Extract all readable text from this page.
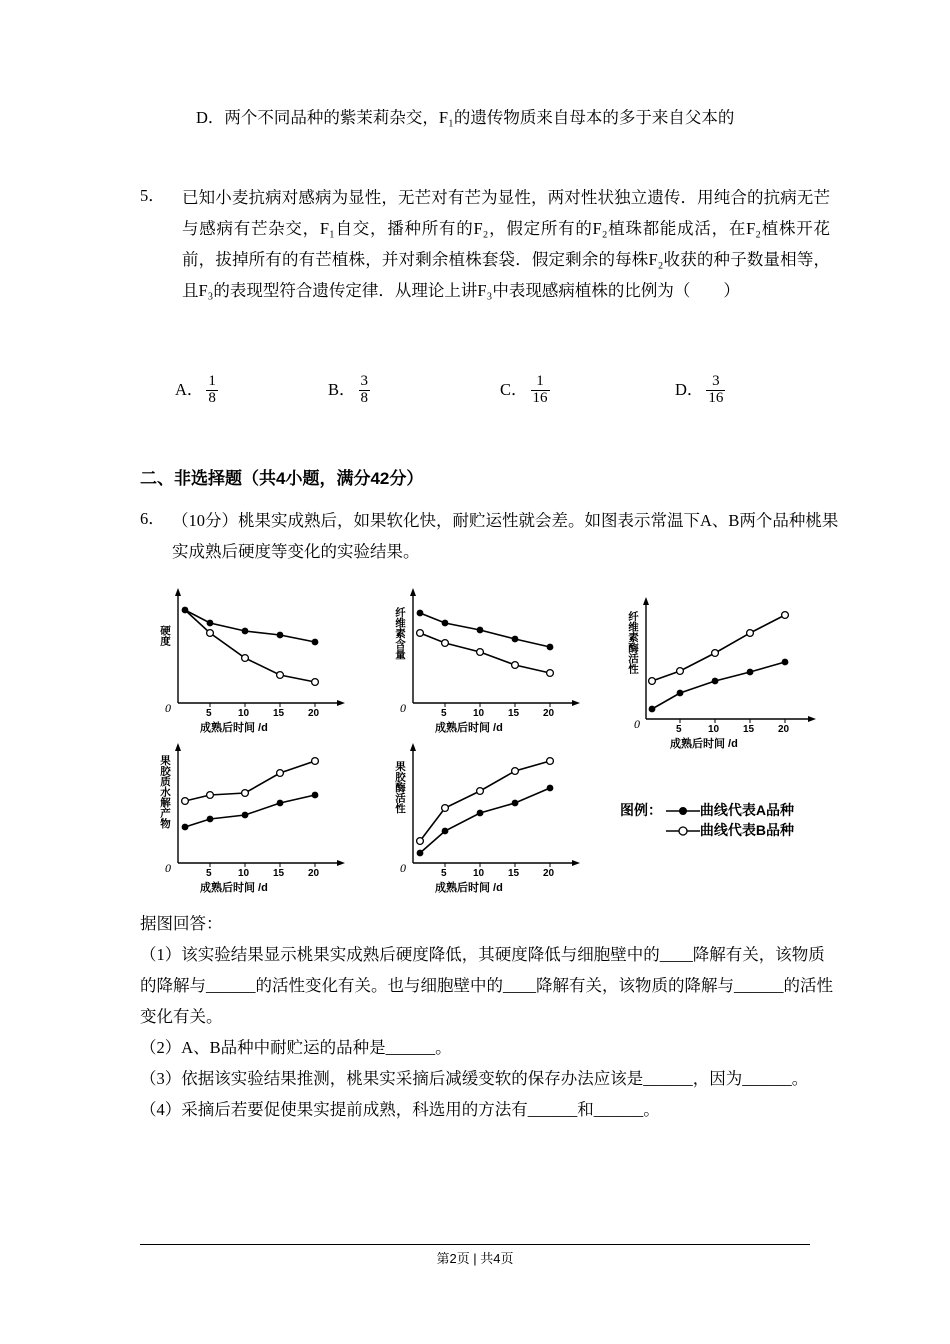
D．两个不同品种的紫茉莉杂交，F₁的遗传物质来自母本的多于来自父本的
5． 已知小麦抗病对感病为显性，无芒对有芒为显性，两对性状独立遗传．用纯合的抗病无芒与感病有芒杂交，F₁自交，播种所有的F₂，假定所有的F₂植珠都能成活，在F₂植株开花前，拔掉所有的有芒植株，并对剩余植株套袋．假定剩余的每株F₂收获的种子数量相等，且F₃的表现型符合遗传定律．从理论上讲F₃中表现感病植株的比例为（　　）
A． $\frac{1}{8}$	B． $\frac{3}{8}$	C． $\frac{1}{16}$	D． $\frac{3}{16}$
二、非选择题（共4小题，满分42分）
6． （10分）桃果实成熟后，如果软化快，耐贮运性就会差。如图表示常温下A、B两个品种桃果实成熟后硬度等变化的实验结果。
硬度
0	5	10 15 20
成熟后时间 /d
纤维素含量
0	5	10 15 20
成熟后时间 /d
纤维素酶活性
0	5	10 15 20
成熟后时间 /d
果胶质水解产物
0	5	10 15 20
成熟后时间 /d
果胶酶活性
0	5	10 15 20
成熟后时间 /d
图例：	曲线代表A品种
曲线代表B品种
据图回答：
（1）该实验结果显示桃果实成熟后硬度降低，其硬度降低与细胞壁中的____降解有关，该物质的降解与______的活性变化有关。也与细胞壁中的____降解有关，该物质的降解与______的活性变化有关。
（2）A、B品种中耐贮运的品种是______。
（3）依据该实验结果推测，桃果实采摘后减缓变软的保存办法应该是______，因为______。
（4）采摘后若要促使果实提前成熟，科选用的方法有______和______。
第2页 | 共4页
